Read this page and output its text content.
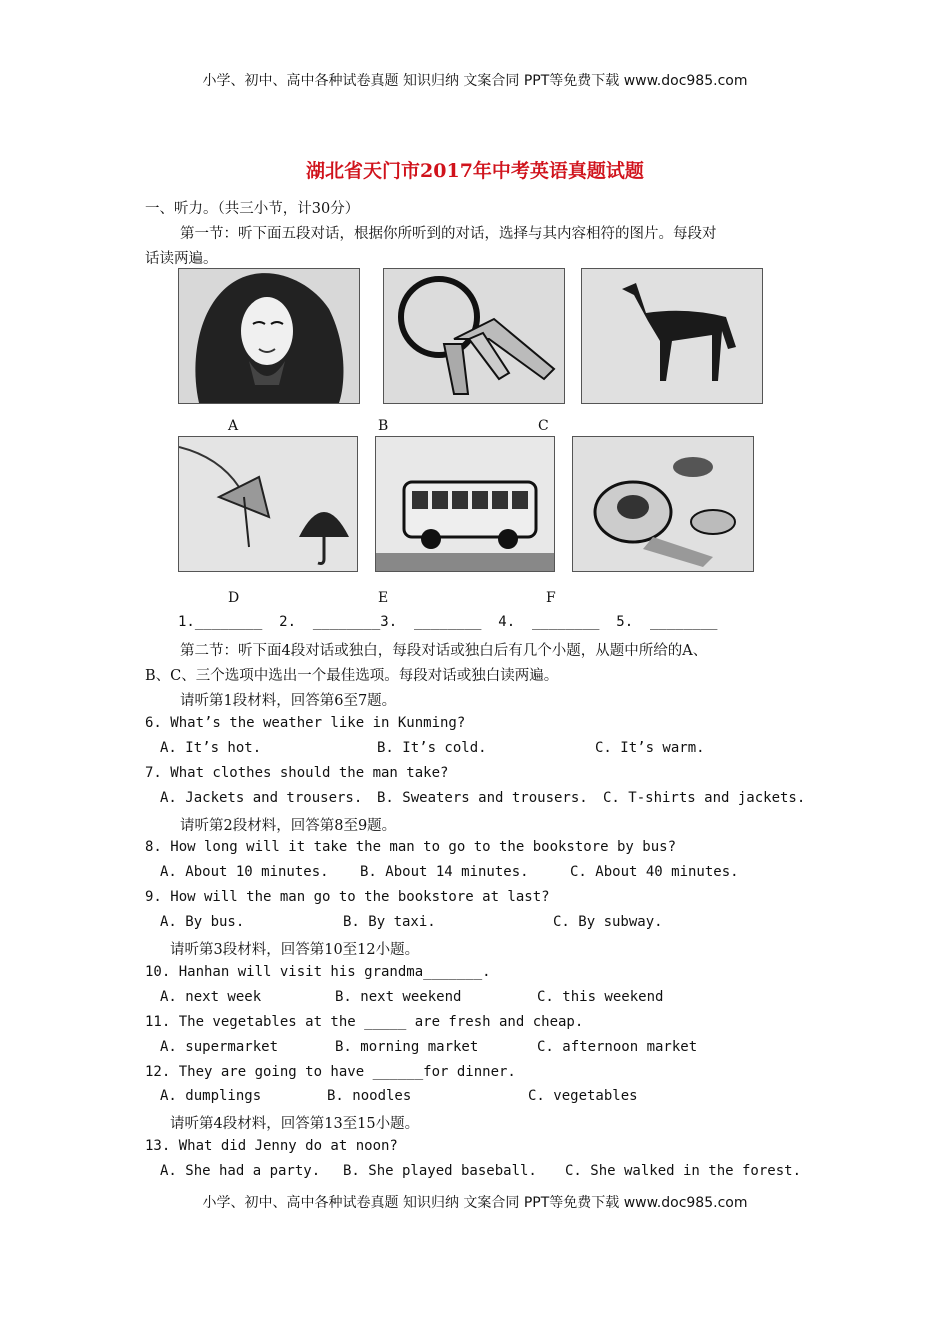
小学、初中、高中各种试卷真题 知识归纳 文案合同 PPT等免费下载 www.doc985.com
湖北省天门市2017年中考英语真题试题
一、听力。（共三小节，计30分）
第一节：听下面五段对话，根据你所听到的对话，选择与其内容相符的图片。每段对
话读两遍。
A	B	C
D	E	F
1.________  2.  ________3.  ________  4.  ________  5.  ________
第二节：听下面4段对话或独白，每段对话或独白后有几个小题，从题中所给的A、
B、C、三个选项中选出一个最佳选项。每段对话或独白读两遍。
请听第1段材料，回答第6至7题。
6. What’s the weather like in Kunming?
A. It’s hot.	B. It’s cold.	C. It’s warm.
7. What clothes should the man take?
A. Jackets and trousers. B. Sweaters and trousers. C. T-shirts and jackets.
请听第2段材料，回答第8至9题。
8. How long will it take the man to go to the bookstore by bus?
A. About 10 minutes. B. About 14 minutes.	C. About 40 minutes.
9. How will the man go to the bookstore at last?
A. By bus.	B. By taxi.	C. By subway.
请听第3段材料，回答第10至12小题。
10. Hanhan will visit his grandma_______.
A. next week	B. next weekend	C. this weekend
11. The vegetables at the _____ are fresh and cheap.
A. supermarket	B. morning market	C. afternoon market
12. They are going to have ______for dinner.
A. dumplings	B. noodles	C. vegetables
请听第4段材料，回答第13至15小题。
13. What did Jenny do at noon?
A. She had a party. B. She played baseball. C. She walked in the forest.
小学、初中、高中各种试卷真题 知识归纳 文案合同 PPT等免费下载 www.doc985.com
